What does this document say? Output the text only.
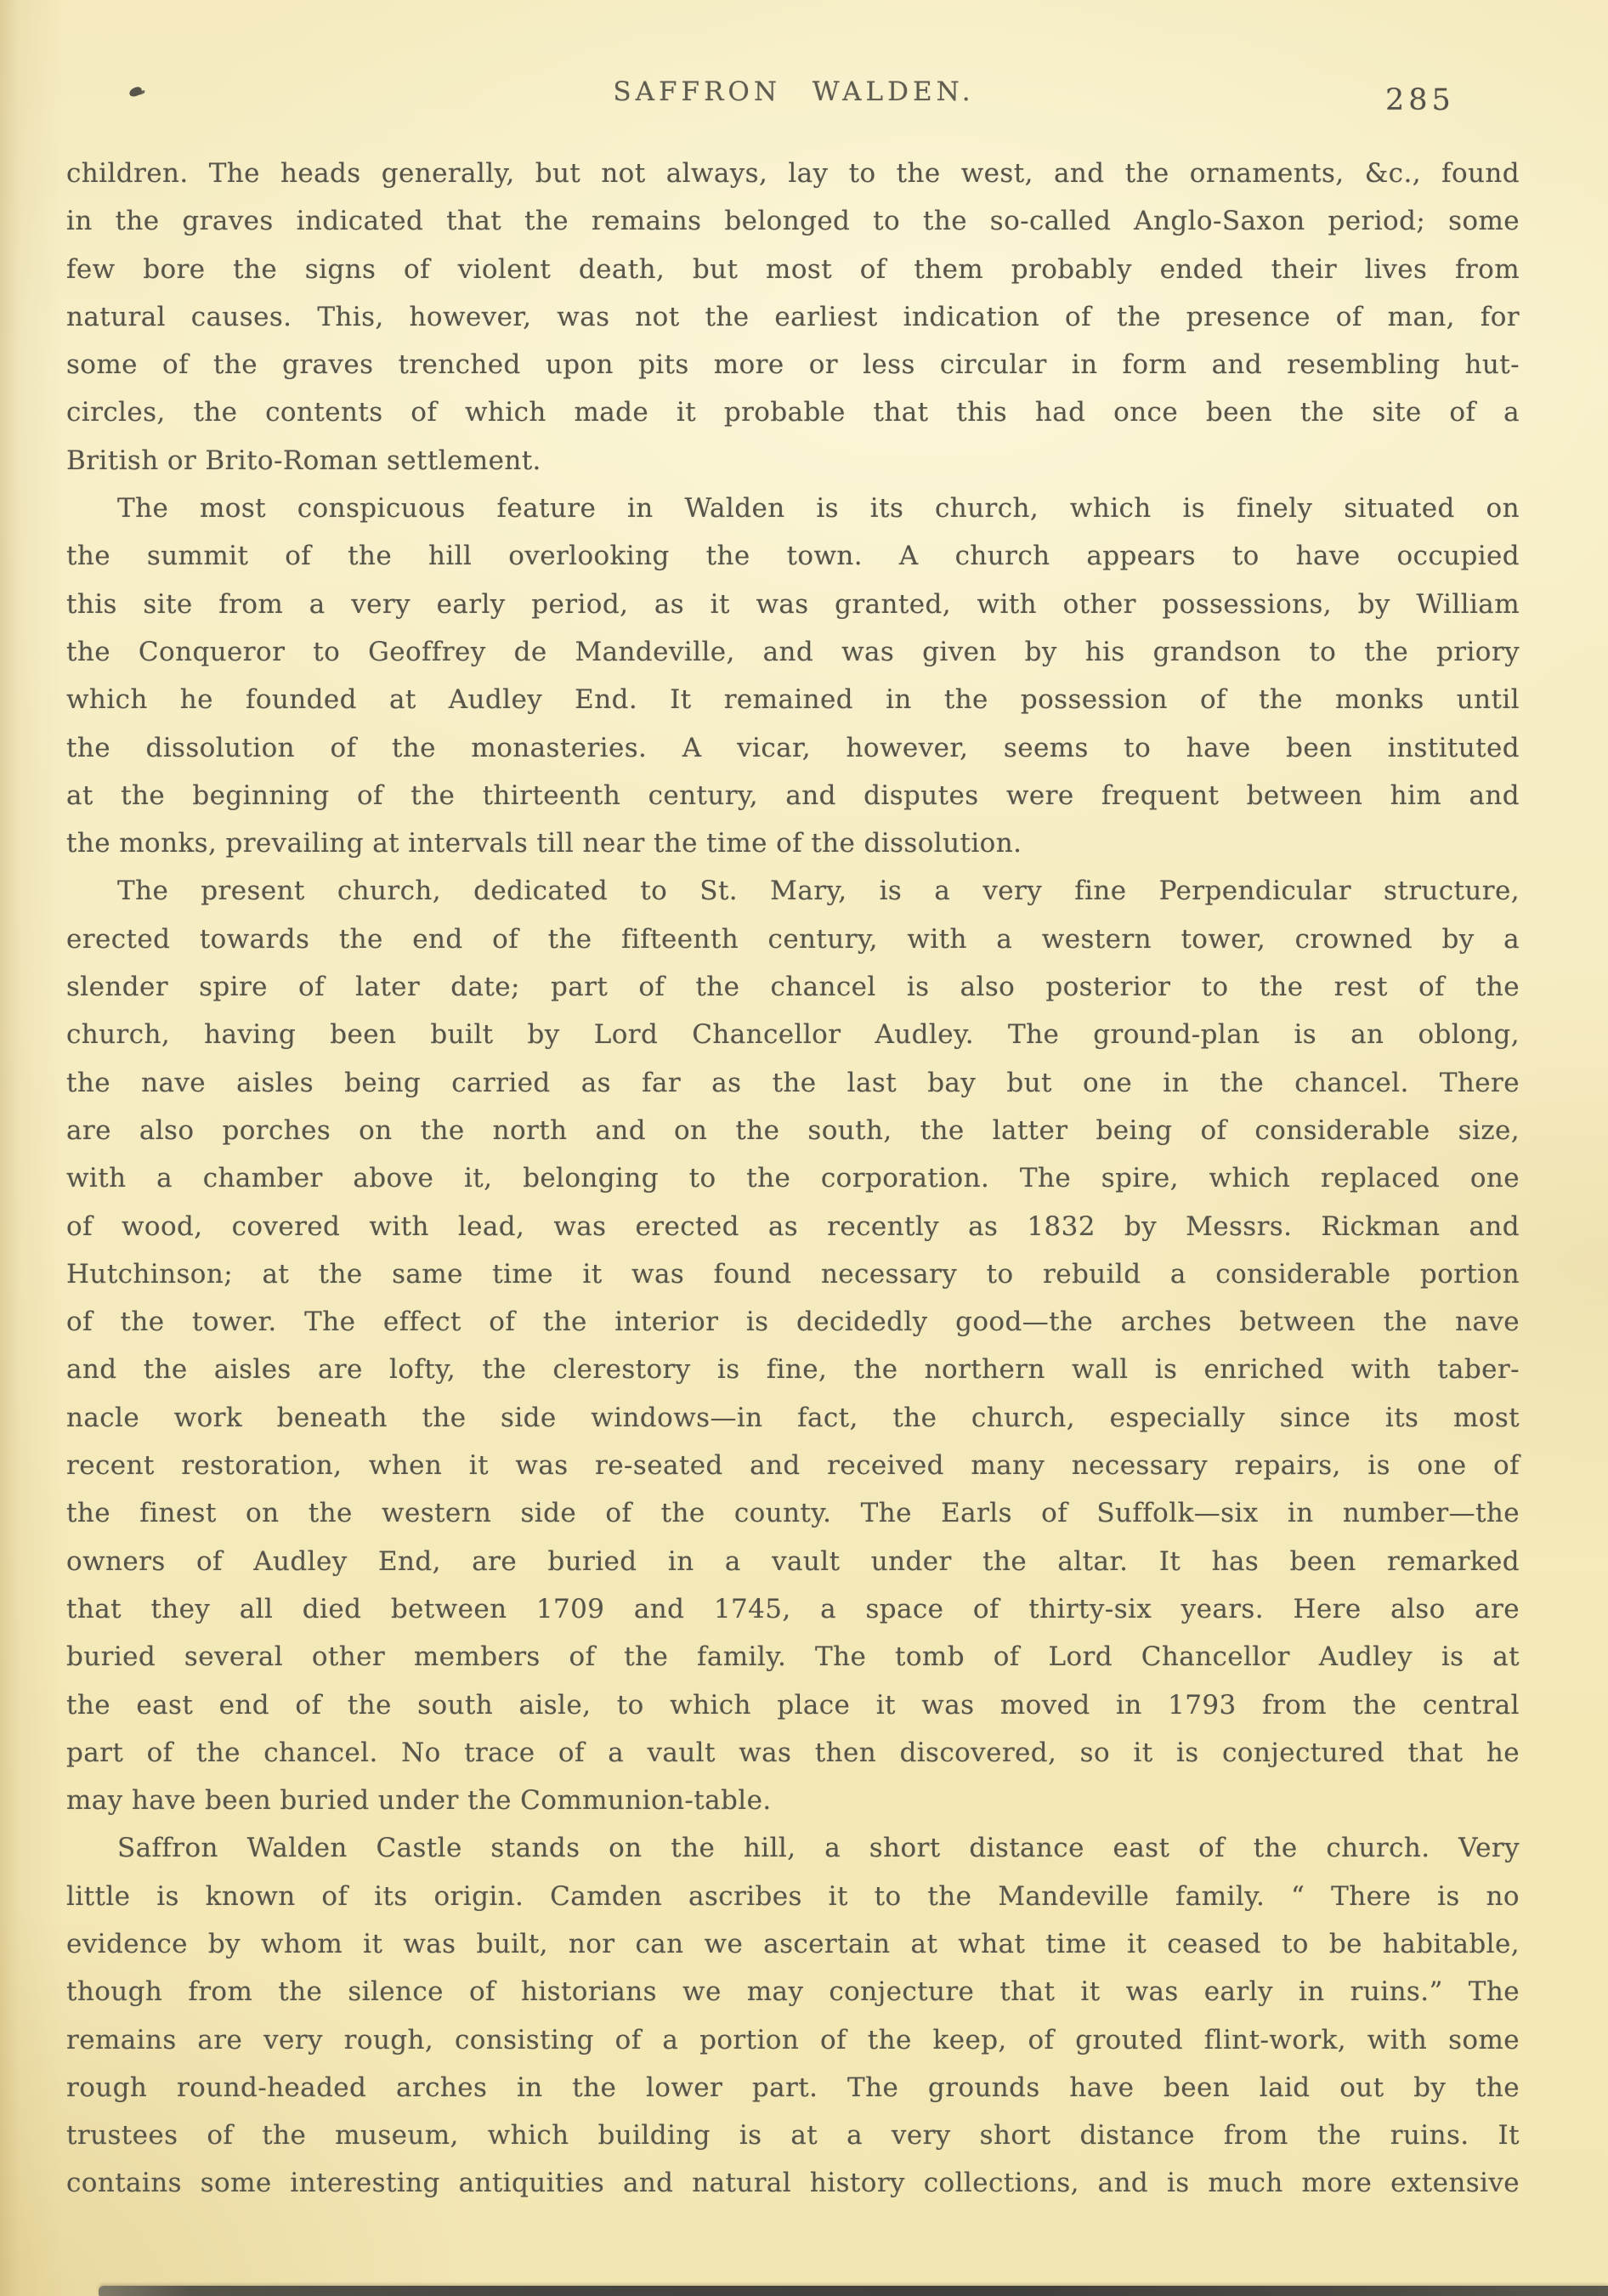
SAFFRON WALDEN.	285
children. The heads generally, but not always, lay to the west, and the ornaments, &c., found
in the graves indicated that the remains belonged to the so-called Anglo-Saxon period; some
few bore the signs of violent death, but most of them probably ended their lives from
natural causes. This, however, was not the earliest indication of the presence of man, for
some of the graves trenched upon pits more or less circular in form and resembling hut-
circles, the contents of which made it probable that this had once been the site of a
British or Brito-Roman settlement.
The most conspicuous feature in Walden is its church, which is finely situated on
the summit of the hill overlooking the town. A church appears to have occupied
this site from a very early period, as it was granted, with other possessions, by William
the Conqueror to Geoffrey de Mandeville, and was given by his grandson to the priory
which he founded at Audley End. It remained in the possession of the monks until
the dissolution of the monasteries. A vicar, however, seems to have been instituted
at the beginning of the thirteenth century, and disputes were frequent between him and
the monks, prevailing at intervals till near the time of the dissolution.
The present church, dedicated to St. Mary, is a very fine Perpendicular structure,
erected towards the end of the fifteenth century, with a western tower, crowned by a
slender spire of later date; part of the chancel is also posterior to the rest of the
church, having been built by Lord Chancellor Audley. The ground-plan is an oblong,
the nave aisles being carried as far as the last bay but one in the chancel. There
are also porches on the north and on the south, the latter being of considerable size,
with a chamber above it, belonging to the corporation. The spire, which replaced one
of wood, covered with lead, was erected as recently as 1832 by Messrs. Rickman and
Hutchinson; at the same time it was found necessary to rebuild a considerable portion
of the tower. The effect of the interior is decidedly good—the arches between the nave
and the aisles are lofty, the clerestory is fine, the northern wall is enriched with taber-
nacle work beneath the side windows—in fact, the church, especially since its most
recent restoration, when it was re-seated and received many necessary repairs, is one of
the finest on the western side of the county. The Earls of Suffolk—six in number—the
owners of Audley End, are buried in a vault under the altar. It has been remarked
that they all died between 1709 and 1745, a space of thirty-six years. Here also are
buried several other members of the family. The tomb of Lord Chancellor Audley is at
the east end of the south aisle, to which place it was moved in 1793 from the central
part of the chancel. No trace of a vault was then discovered, so it is conjectured that he
may have been buried under the Communion-table.
Saffron Walden Castle stands on the hill, a short distance east of the church. Very
little is known of its origin. Camden ascribes it to the Mandeville family. “ There is no
evidence by whom it was built, nor can we ascertain at what time it ceased to be habitable,
though from the silence of historians we may conjecture that it was early in ruins.” The
remains are very rough, consisting of a portion of the keep, of grouted flint-work, with some
rough round-headed arches in the lower part. The grounds have been laid out by the
trustees of the museum, which building is at a very short distance from the ruins. It
contains some interesting antiquities and natural history collections, and is much more extensive
